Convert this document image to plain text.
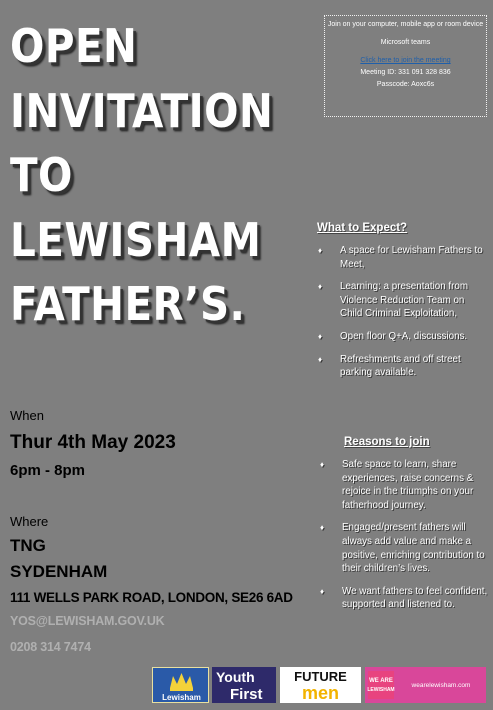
OPEN
INVITATION
TO
LEWISHAM
FATHER’S.
Join on your computer, mobile app or room device
Microsoft teams
Click here to join the meeting
Meeting ID: 331 091 328 836
Passcode: Aoxc6s
What to Expect?
♦ A space for Lewisham Fathers to Meet,
♦ Learning: a presentation from Violence Reduction Team on Child Criminal Exploitation,
♦ Open floor Q+A, discussions.
♦ Refreshments and off street parking available.
Reasons to join
♦ Safe space to learn, share experiences, raise concerns & rejoice in the triumphs on your fatherhood journey.
♦ Engaged/present fathers will always add value and make a positive, enriching contribution to their children’s lives.
♦ We want fathers to feel confident, supported and listened to.
When
Thur 4th May 2023
6pm - 8pm
Where
TNG
SYDENHAM
111 WELLS PARK ROAD, LONDON, SE26 6AD
YOS@LEWISHAM.GOV.UK
0208 314 7474
Lewisham
Youth
First
FUTURE
men
WE ARE
LEWISHAM
wearelewisham.com
